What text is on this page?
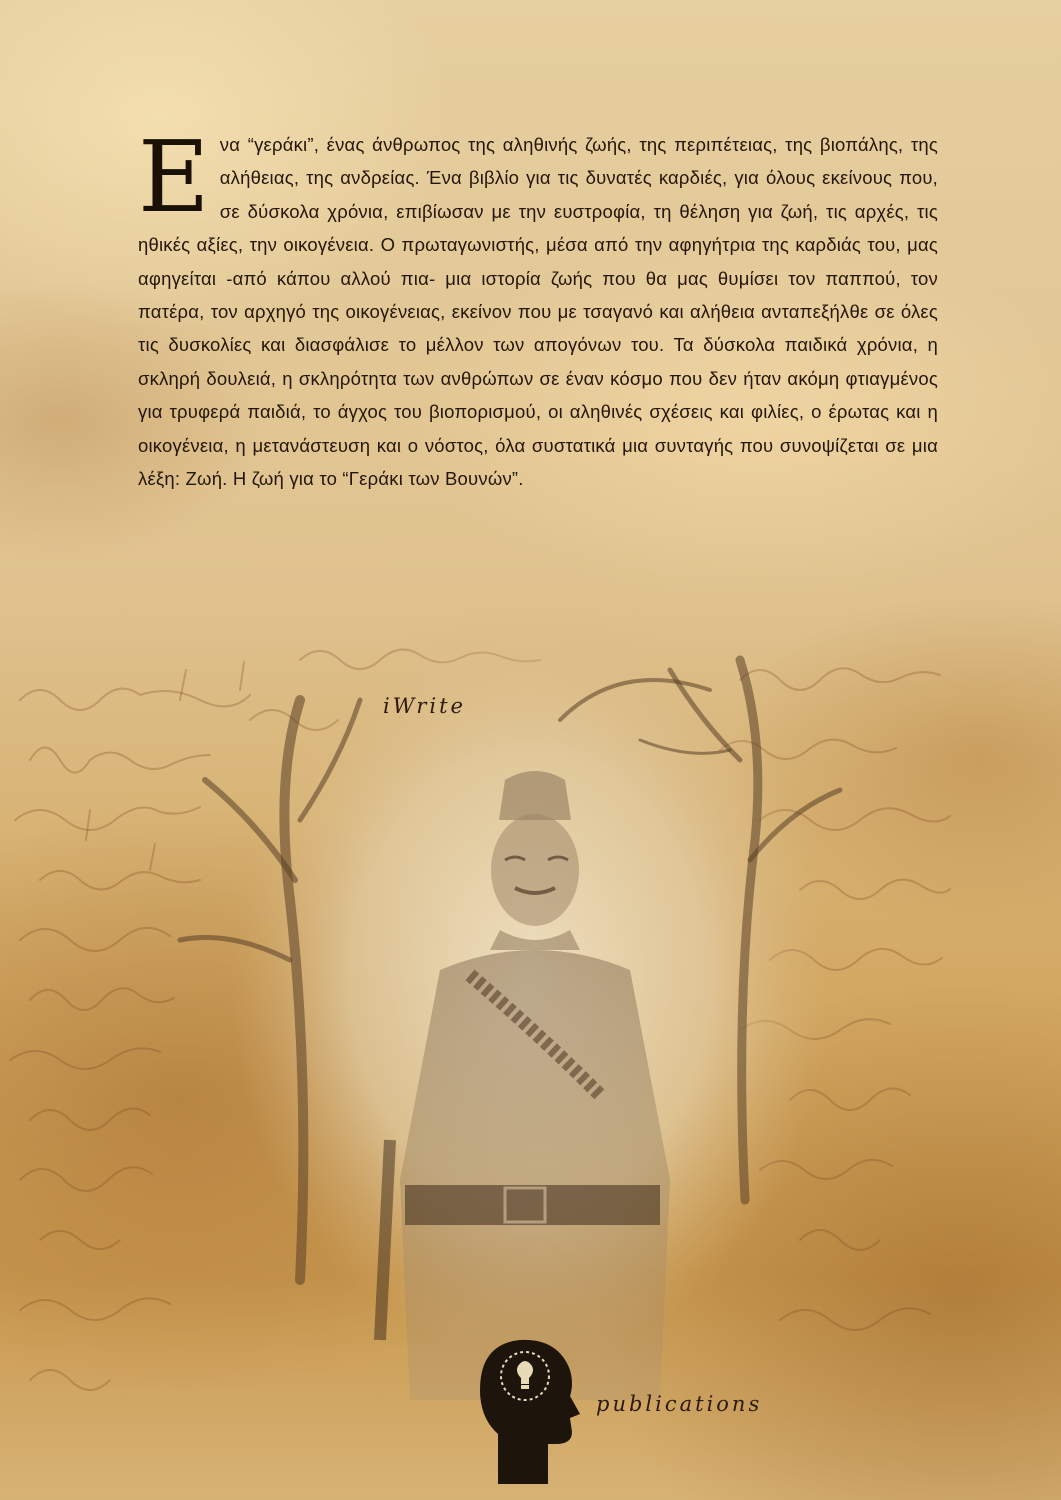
Ενα “γεράκι”, ένας άνθρωπος της αληθινής ζωής, της περιπέτειας, της βιοπάλης, της αλήθειας, της ανδρείας. Ένα βιβλίο για τις δυνατές καρδιές, για όλους εκείνους που, σε δύσκολα χρόνια, επιβίωσαν με την ευστροφία, τη θέληση για ζωή, τις αρχές, τις ηθικές αξίες, την οικογένεια. Ο πρωταγωνιστής, μέσα από την αφηγήτρια της καρδιάς του, μας αφηγείται -από κάπου αλλού πια- μια ιστορία ζωής που θα μας θυμίσει τον παππού, τον πατέρα, τον αρχηγό της οικογένειας, εκείνον που με τσαγανό και αλήθεια ανταπεξήλθε σε όλες τις δυσκολίες και διασφάλισε το μέλλον των απογόνων του. Τα δύσκολα παιδικά χρόνια, η σκληρή δουλειά, η σκληρότητα των ανθρώπων σε έναν κόσμο που δεν ήταν ακόμη φτιαγμένος για τρυφερά παιδιά, το άγχος του βιοπορισμού, οι αληθινές σχέσεις και φιλίες, ο έρωτας και η οικογένεια, η μετανάστευση και ο νόστος, όλα συστατικά μια συνταγής που συνοψίζεται σε μια λέξη: Ζωή. Η ζωή για το “Γεράκι των Βουνών”.

iWrite
publications
